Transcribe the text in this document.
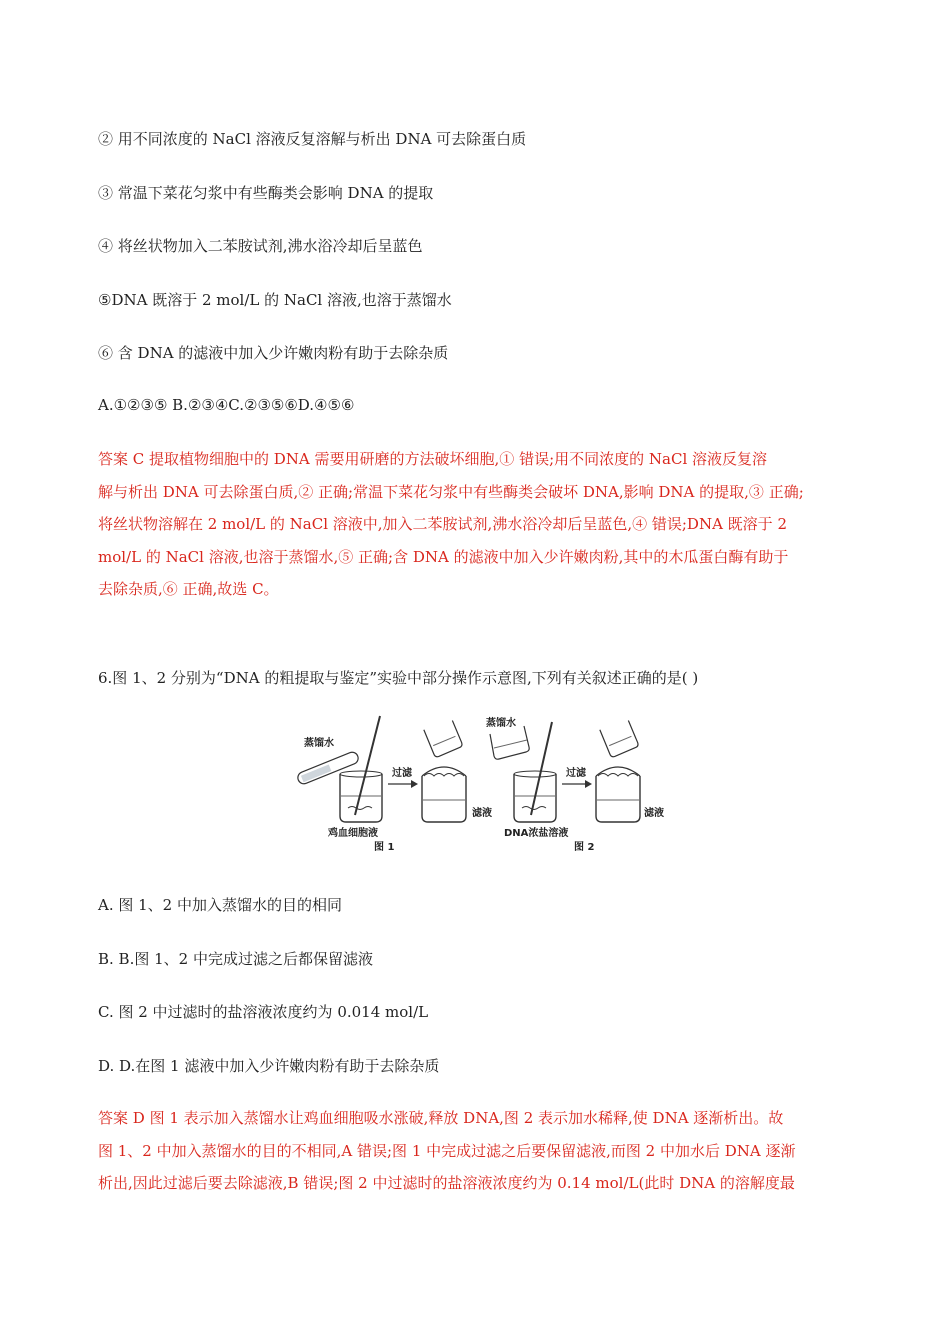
② 用不同浓度的 NaCl 溶液反复溶解与析出 DNA 可去除蛋白质
③ 常温下菜花匀浆中有些酶类会影响 DNA 的提取
④ 将丝状物加入二苯胺试剂,沸水浴冷却后呈蓝色
⑤DNA 既溶于 2 mol/L 的 NaCl 溶液,也溶于蒸馏水
⑥ 含 DNA 的滤液中加入少许嫩肉粉有助于去除杂质
A.①②③⑤ B.②③④C.②③⑤⑥D.④⑤⑥
答案 C 提取植物细胞中的 DNA 需要用研磨的方法破坏细胞,① 错误;用不同浓度的 NaCl 溶液反复溶
解与析出 DNA 可去除蛋白质,② 正确;常温下菜花匀浆中有些酶类会破坏 DNA,影响 DNA 的提取,③ 正确;
将丝状物溶解在 2 mol/L 的 NaCl 溶液中,加入二苯胺试剂,沸水浴冷却后呈蓝色,④ 错误;DNA 既溶于 2
mol/L 的 NaCl 溶液,也溶于蒸馏水,⑤ 正确;含 DNA 的滤液中加入少许嫩肉粉,其中的木瓜蛋白酶有助于
去除杂质,⑥ 正确,故选 C。
6.图 1、2 分别为“DNA 的粗提取与鉴定”实验中部分操作示意图,下列有关叙述正确的是( )
蒸馏水
过滤
滤液
鸡血细胞液
图 1
蒸馏水
过滤
滤液
DNA浓盐溶液
图 2
A. 图 1、2 中加入蒸馏水的目的相同
B. B.图 1、2 中完成过滤之后都保留滤液
C. 图 2 中过滤时的盐溶液浓度约为 0.014 mol/L
D. D.在图 1 滤液中加入少许嫩肉粉有助于去除杂质
答案 D 图 1 表示加入蒸馏水让鸡血细胞吸水涨破,释放 DNA,图 2 表示加水稀释,使 DNA 逐渐析出。故
图 1、2 中加入蒸馏水的目的不相同,A 错误;图 1 中完成过滤之后要保留滤液,而图 2 中加水后 DNA 逐渐
析出,因此过滤后要去除滤液,B 错误;图 2 中过滤时的盐溶液浓度约为 0.14 mol/L(此时 DNA 的溶解度最
